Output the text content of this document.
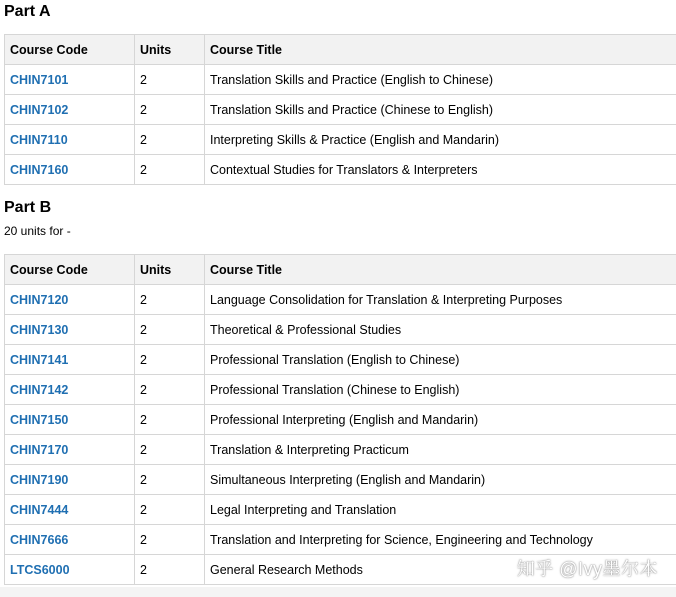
Part A
Course Code	Units	Course Title
CHIN7101	2	Translation Skills and Practice (English to Chinese)
CHIN7102	2	Translation Skills and Practice (Chinese to English)
CHIN7110	2	Interpreting Skills & Practice (English and Mandarin)
CHIN7160	2	Contextual Studies for Translators & Interpreters
Part B
20 units for -
Course Code	Units	Course Title
CHIN7120	2	Language Consolidation for Translation & Interpreting Purposes
CHIN7130	2	Theoretical & Professional Studies
CHIN7141	2	Professional Translation (English to Chinese)
CHIN7142	2	Professional Translation (Chinese to English)
CHIN7150	2	Professional Interpreting (English and Mandarin)
CHIN7170	2	Translation & Interpreting Practicum
CHIN7190	2	Simultaneous Interpreting (English and Mandarin)
CHIN7444	2	Legal Interpreting and Translation
CHIN7666	2	Translation and Interpreting for Science, Engineering and Technology
LTCS6000	2	General Research Methods	知乎 @Ivy墨尔本
